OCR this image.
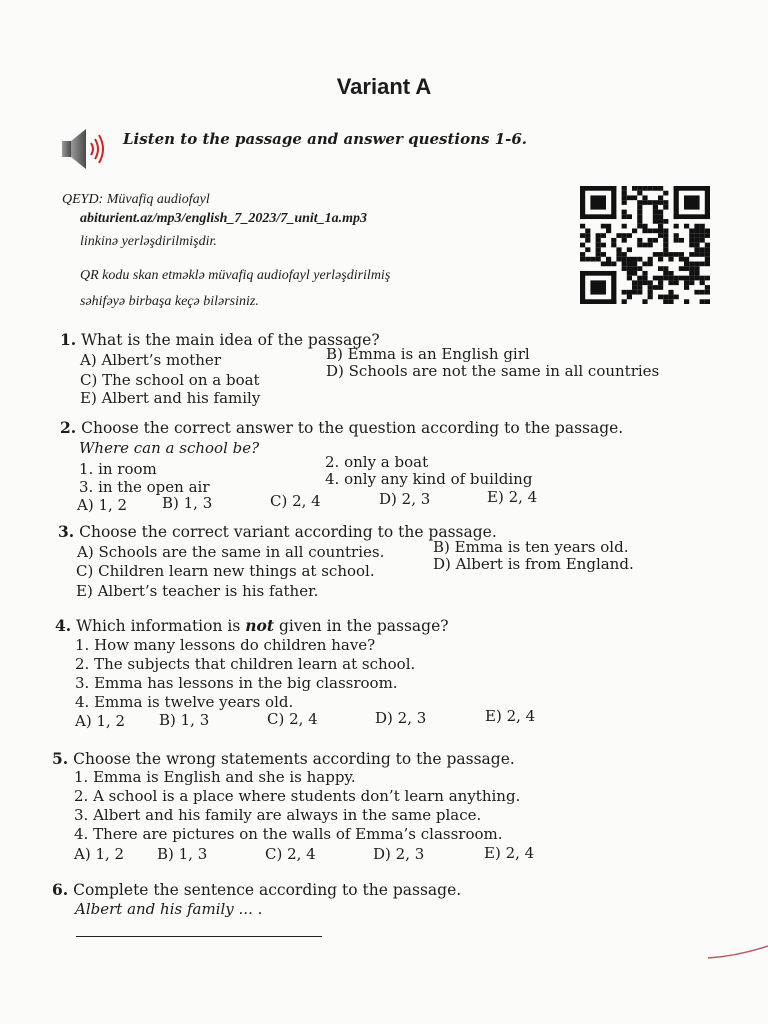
Variant A
Listen to the passage and answer questions 1-6.
QEYD: Müvafiq audiofayl
abiturient.az/mp3/english_7_2023/7_unit_1a.mp3
linkinə yerləşdirilmişdir.
QR kodu skan etməklə müvafiq audiofayl yerləşdirilmiş
səhifəyə birbaşa keçə bilərsiniz.
1. What is the main idea of the passage?
A) Albert’s mother	B) Emma is an English girl
C) The school on a boat	D) Schools are not the same in all countries
E) Albert and his family
2. Choose the correct answer to the question according to the passage.
Where can a school be?
1. in room	2. only a boat
3. in the open air	4. only any kind of building
A) 1, 2 B) 1, 3	C) 2, 4	D) 2, 3	E) 2, 4
3. Choose the correct variant according to the passage.
A) Schools are the same in all countries.	B) Emma is ten years old.
C) Children learn new things at school.	D) Albert is from England.
E) Albert’s teacher is his father.
4. Which information is not given in the passage?
1. How many lessons do children have?
2. The subjects that children learn at school.
3. Emma has lessons in the big classroom.
4. Emma is twelve years old.
A) 1, 2 B) 1, 3	C) 2, 4	D) 2, 3	E) 2, 4
5. Choose the wrong statements according to the passage.
1. Emma is English and she is happy.
2. A school is a place where students don’t learn anything.
3. Albert and his family are always in the same place.
4. There are pictures on the walls of Emma’s classroom.
A) 1, 2 B) 1, 3	C) 2, 4	D) 2, 3	E) 2, 4
6. Complete the sentence according to the passage.
Albert and his family ... .
